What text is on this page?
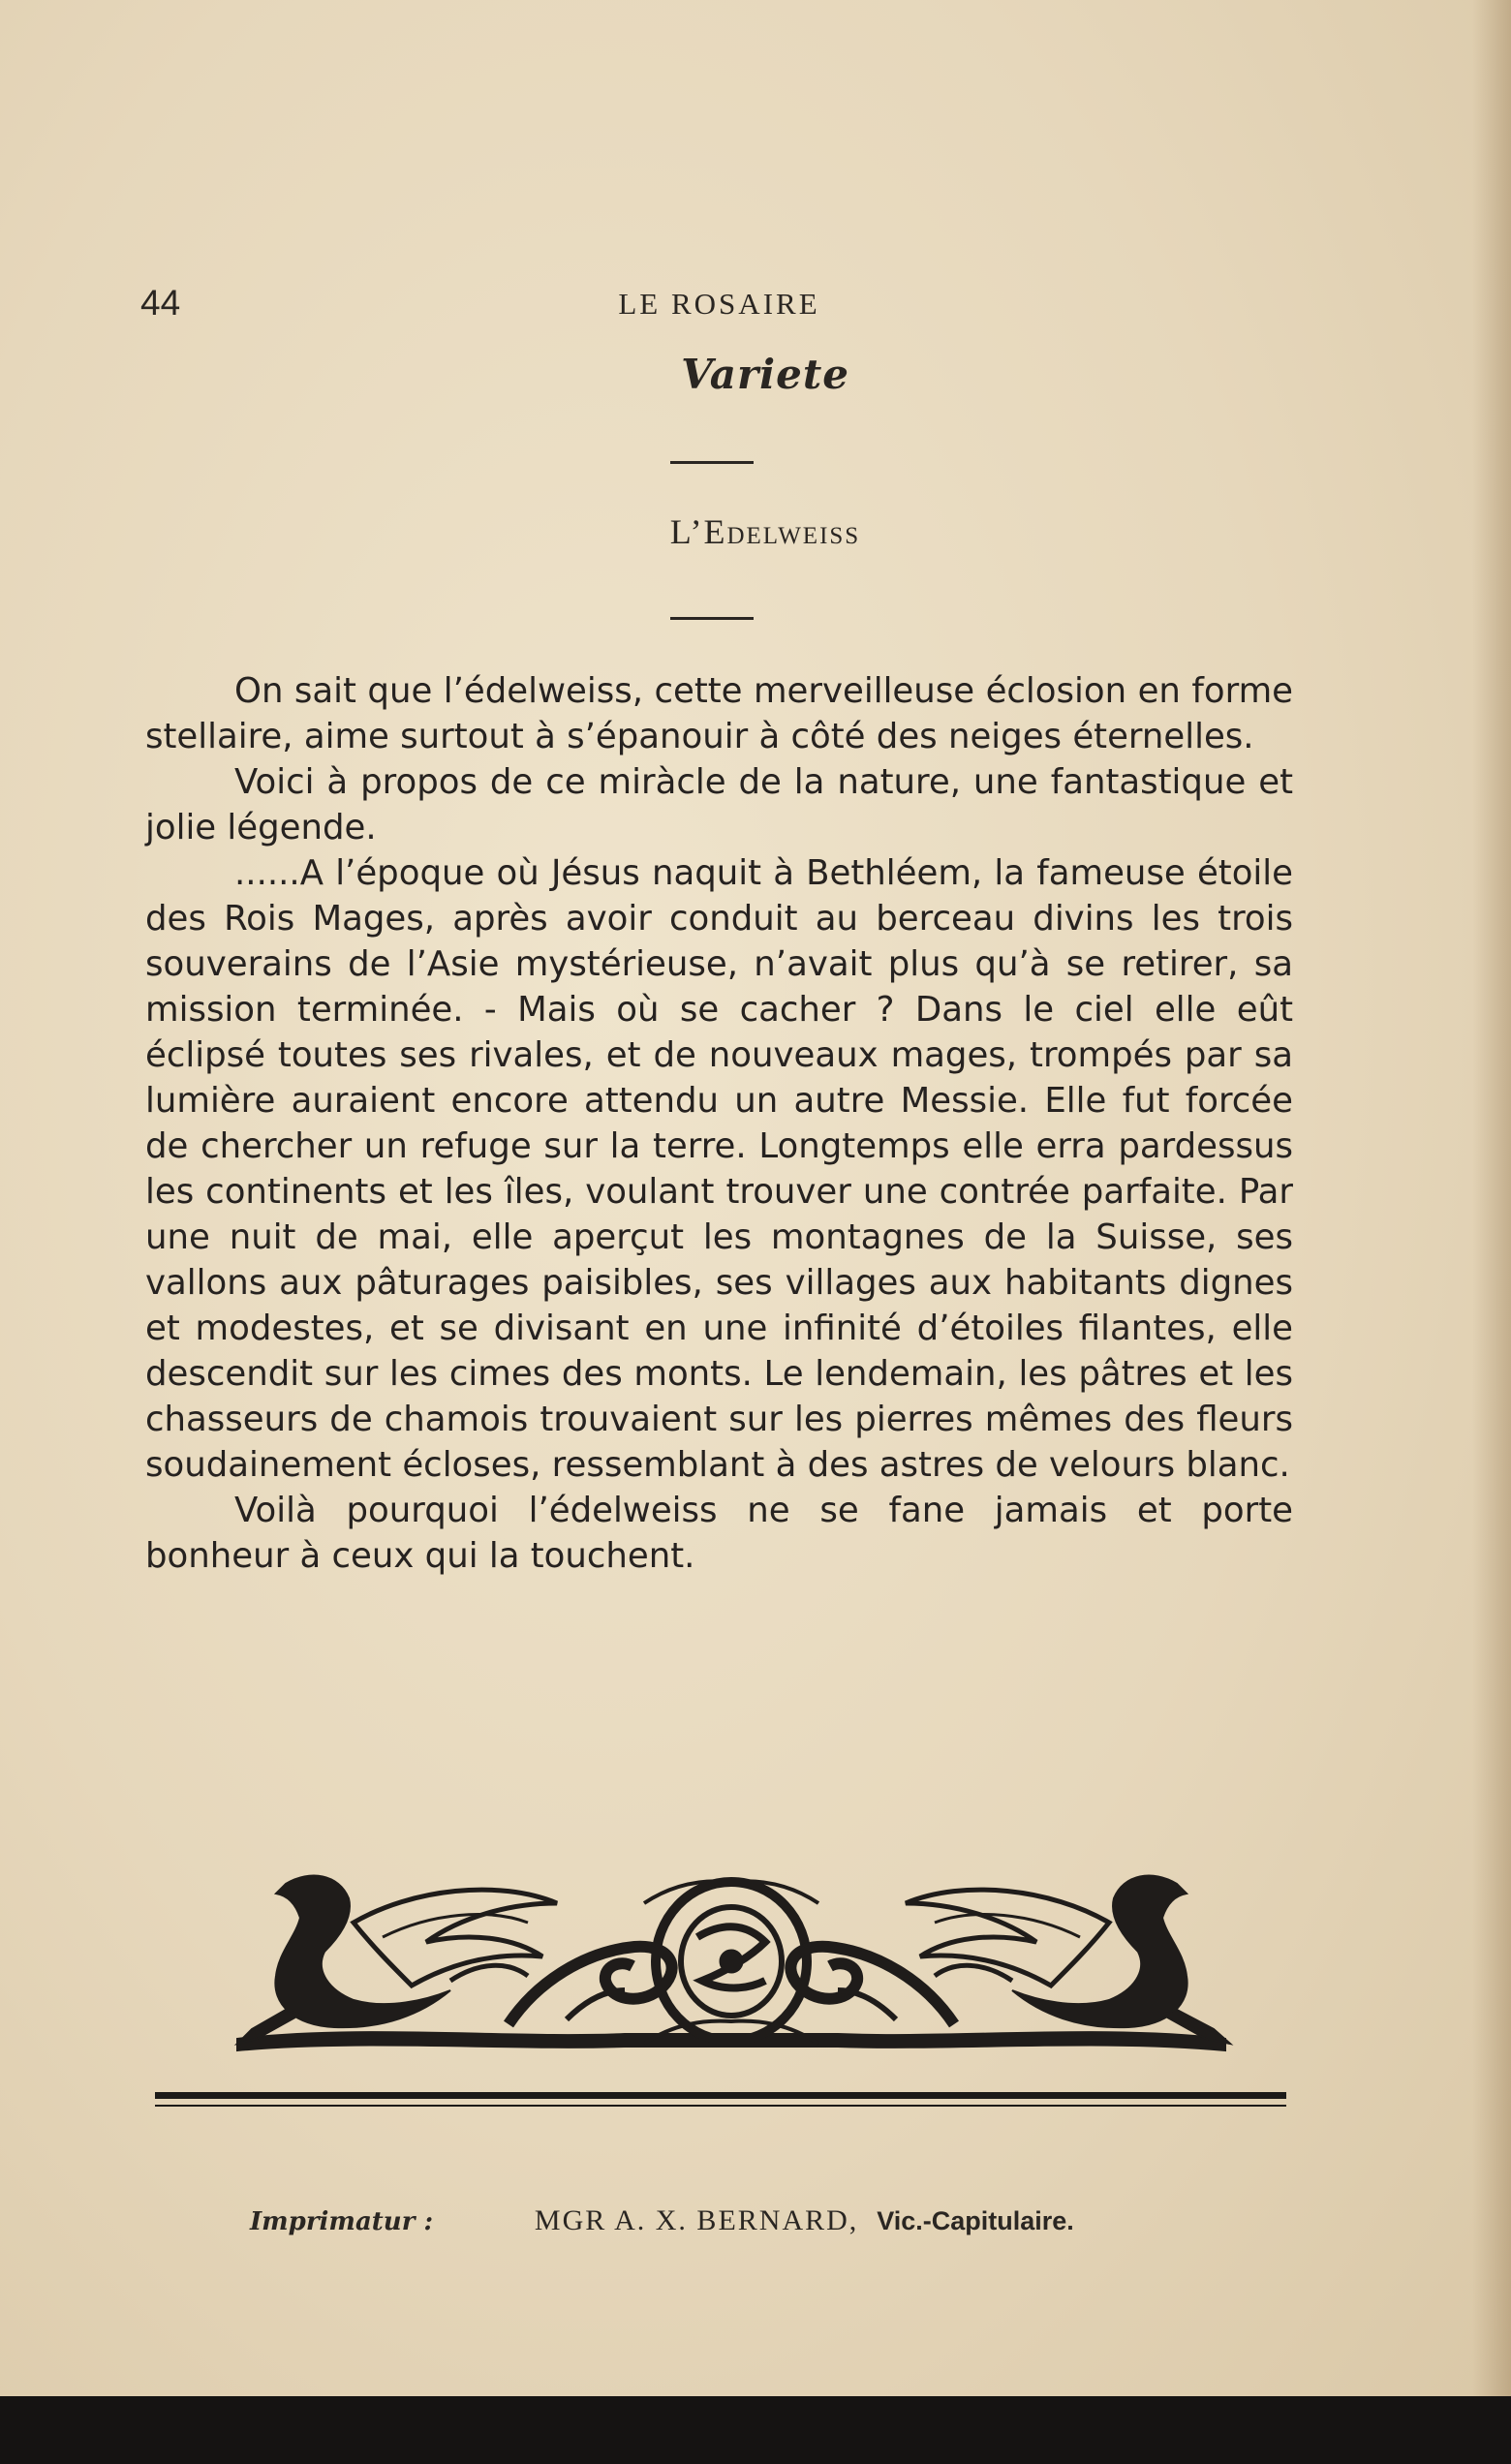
44	LE ROSAIRE
Variete
L’Edelweiss

On sait que l’édelweiss, cette merveilleuse éclosion en forme stellaire, aime surtout à s’épanouir à côté des neiges éternelles.

Voici à propos de ce miràcle de la nature, une fantastique et jolie légende.

......A l’époque où Jésus naquit à Bethléem, la fameuse étoile des Rois Mages, après avoir conduit au berceau divins les trois souverains de l’Asie mystérieuse, n’avait plus qu’à se retirer, sa mission terminée. - Mais où se cacher ? Dans le ciel elle eût éclipsé toutes ses rivales, et de nouveaux mages, trompés par sa lumière auraient encore attendu un autre Messie. Elle fut forcée de chercher un refuge sur la terre. Longtemps elle erra pardessus les continents et les îles, voulant trouver une contrée parfaite. Par une nuit de mai, elle aperçut les montagnes de la Suisse, ses vallons aux pâturages paisibles, ses villages aux habitants dignes et modestes, et se divisant en une infinité d’étoiles filantes, elle descendit sur les cimes des monts. Le lendemain, les pâtres et les chasseurs de chamois trouvaient sur les pierres mêmes des fleurs soudainement écloses, ressemblant à des astres de velours blanc.

Voilà pourquoi l’édelweiss ne se fane jamais et porte bonheur à ceux qui la touchent.

Imprimatur :	MGR A. X. BERNARD, Vic.-Capitulaire.
